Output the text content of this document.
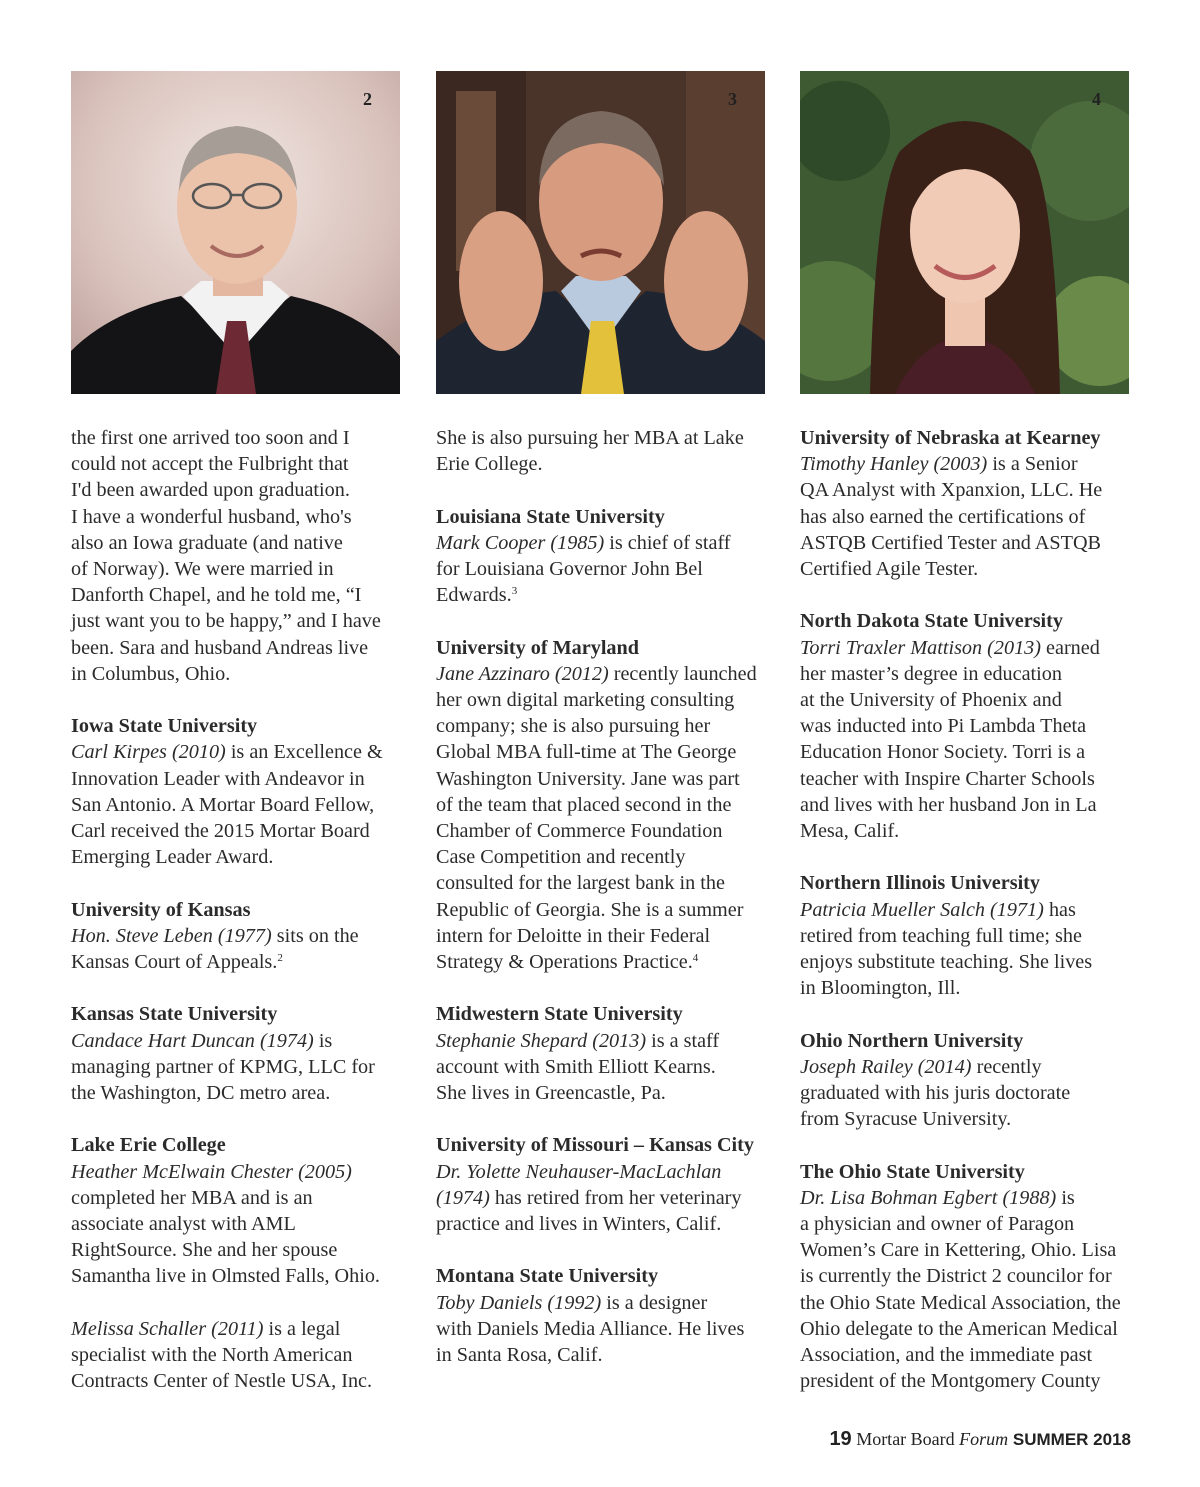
2	3	4
the first one arrived too soon and I
could not accept the Fulbright that
I'd been awarded upon graduation.
I have a wonderful husband, who's
also an Iowa graduate (and native
of Norway). We were married in
Danforth Chapel, and he told me, “I
just want you to be happy,” and I have
been. Sara and husband Andreas live
in Columbus, Ohio.
Iowa State University
Carl Kirpes (2010) is an Excellence &
Innovation Leader with Andeavor in
San Antonio. A Mortar Board Fellow,
Carl received the 2015 Mortar Board
Emerging Leader Award.
University of Kansas
Hon. Steve Leben (1977) sits on the
Kansas Court of Appeals.$^2$
Kansas State University
Candace Hart Duncan (1974) is
managing partner of KPMG, LLC for
the Washington, DC metro area.
Lake Erie College
Heather McElwain Chester (2005)
completed her MBA and is an
associate analyst with AML
RightSource. She and her spouse
Samantha live in Olmsted Falls, Ohio.
Melissa Schaller (2011) is a legal
specialist with the North American
Contracts Center of Nestle USA, Inc.
She is also pursuing her MBA at Lake
Erie College.
Louisiana State University
Mark Cooper (1985) is chief of staff
for Louisiana Governor John Bel
Edwards.$^3$
University of Maryland
Jane Azzinaro (2012) recently launched
her own digital marketing consulting
company; she is also pursuing her
Global MBA full-time at The George
Washington University. Jane was part
of the team that placed second in the
Chamber of Commerce Foundation
Case Competition and recently
consulted for the largest bank in the
Republic of Georgia. She is a summer
intern for Deloitte in their Federal
Strategy & Operations Practice.$^4$
Midwestern State University
Stephanie Shepard (2013) is a staff
account with Smith Elliott Kearns.
She lives in Greencastle, Pa.
University of Missouri – Kansas City
Dr. Yolette Neuhauser-MacLachlan
(1974) has retired from her veterinary
practice and lives in Winters, Calif.
Montana State University
Toby Daniels (1992) is a designer
with Daniels Media Alliance. He lives
in Santa Rosa, Calif.
University of Nebraska at Kearney
Timothy Hanley (2003) is a Senior
QA Analyst with Xpanxion, LLC. He
has also earned the certifications of
ASTQB Certified Tester and ASTQB
Certified Agile Tester.
North Dakota State University
Torri Traxler Mattison (2013) earned
her master’s degree in education
at the University of Phoenix and
was inducted into Pi Lambda Theta
Education Honor Society. Torri is a
teacher with Inspire Charter Schools
and lives with her husband Jon in La
Mesa, Calif.
Northern Illinois University
Patricia Mueller Salch (1971) has
retired from teaching full time; she
enjoys substitute teaching. She lives
in Bloomington, Ill.
Ohio Northern University
Joseph Railey (2014) recently
graduated with his juris doctorate
from Syracuse University.
The Ohio State University
Dr. Lisa Bohman Egbert (1988) is
a physician and owner of Paragon
Women’s Care in Kettering, Ohio. Lisa
is currently the District 2 councilor for
the Ohio State Medical Association, the
Ohio delegate to the American Medical
Association, and the immediate past
president of the Montgomery County
19 Mortar Board Forum SUMMER 2018
